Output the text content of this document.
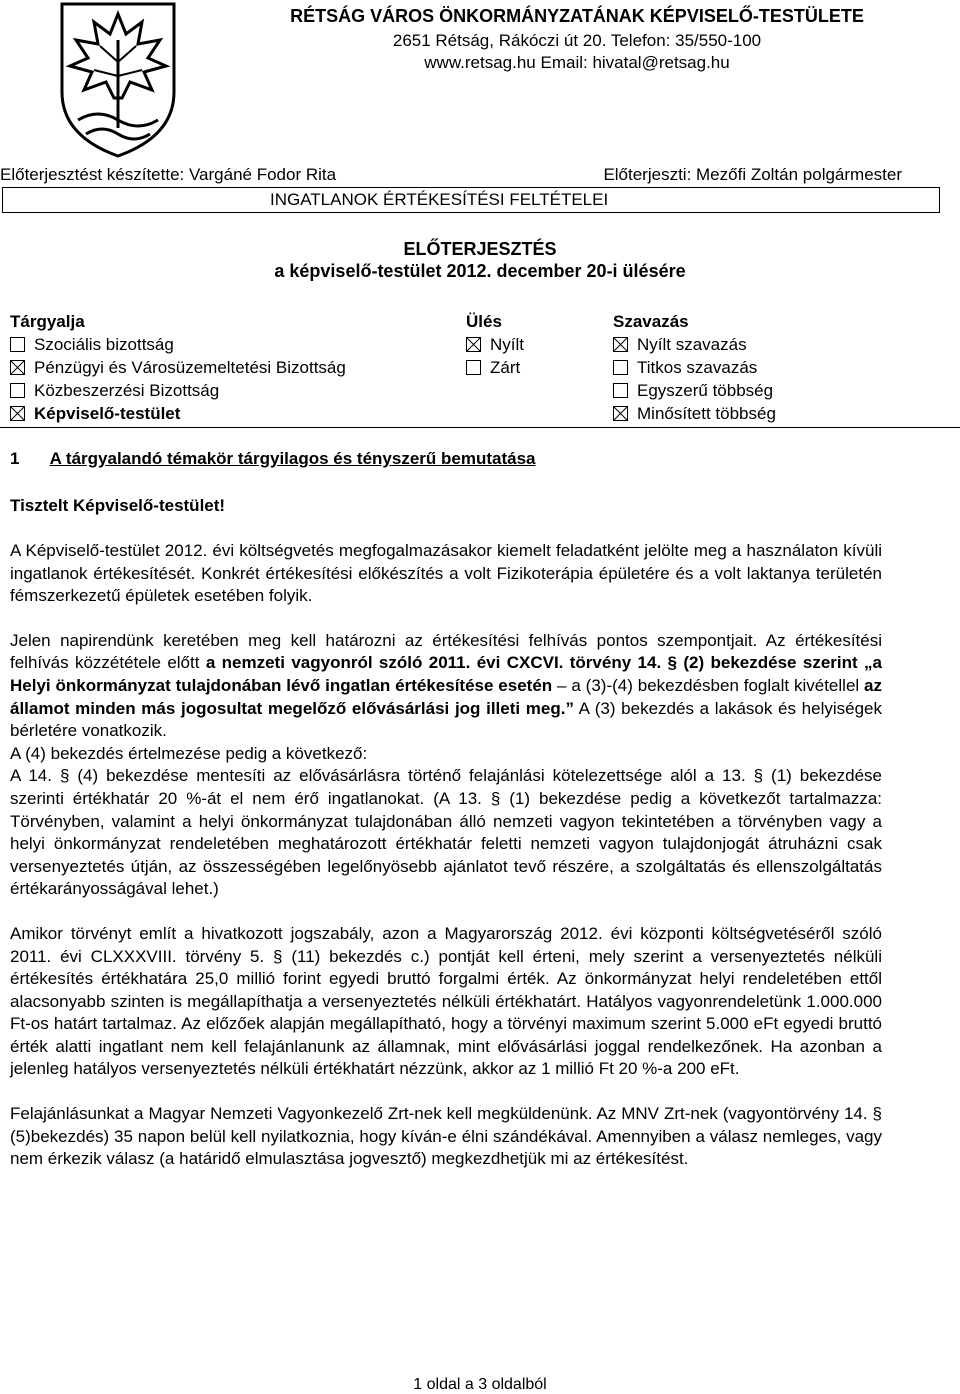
RÉTSÁG VÁROS ÖNKORMÁNYZATÁNAK KÉPVISELŐ-TESTÜLETE
2651 Rétság, Rákóczi út 20. Telefon: 35/550-100
www.retsag.hu Email: hivatal@retsag.hu
Előterjesztést készítette: Vargáné Fodor Rita	Előterjeszti: Mezőfi Zoltán polgármester
INGATLANOK ÉRTÉKESÍTÉSI FELTÉTELEI
ELŐTERJESZTÉS
a képviselő-testület 2012. december 20-i ülésére
Tárgyalja
Szociális bizottság
Pénzügyi és Városüzemeltetési Bizottság
Közbeszerzési Bizottság
Képviselő-testület
Ülés
Nyílt
Zárt
Szavazás
Nyílt szavazás
Titkos szavazás
Egyszerű többség
Minősített többség
1 A tárgyalandó témakör tárgyilagos és tényszerű bemutatása
Tisztelt Képviselő-testület!

A Képviselő-testület 2012. évi költségvetés megfogalmazásakor kiemelt feladatként jelölte meg a használaton kívüli ingatlanok értékesítését. Konkrét értékesítési előkészítés a volt Fizikoterápia épületére és a volt laktanya területén fémszerkezetű épületek esetében folyik.

Jelen napirendünk keretében meg kell határozni az értékesítési felhívás pontos szempontjait. Az értékesítési felhívás közzététele előtt a nemzeti vagyonról szóló 2011. évi CXCVI. törvény 14. § (2) bekezdése szerint „a Helyi önkormányzat tulajdonában lévő ingatlan értékesítése esetén – a (3)-(4) bekezdésben foglalt kivétellel az államot minden más jogosultat megelőző elővásárlási jog illeti meg.” A (3) bekezdés a lakások és helyiségek bérletére vonatkozik.

A (4) bekezdés értelmezése pedig a következő:

A 14. § (4) bekezdése mentesíti az elővásárlásra történő felajánlási kötelezettsége alól a 13. § (1) bekezdése szerinti értékhatár 20 %-át el nem érő ingatlanokat. (A 13. § (1) bekezdése pedig a következőt tartalmazza: Törvényben, valamint a helyi önkormányzat tulajdonában álló nemzeti vagyon tekintetében a törvényben vagy a helyi önkormányzat rendeletében meghatározott értékhatár feletti nemzeti vagyon tulajdonjogát átruházni csak versenyeztetés útján, az összességében legelőnyösebb ajánlatot tevő részére, a szolgáltatás és ellenszolgáltatás értékarányosságával lehet.)

Amikor törvényt említ a hivatkozott jogszabály, azon a Magyarország 2012. évi központi költségvetéséről szóló 2011. évi CLXXXVIII. törvény 5. § (11) bekezdés c.) pontját kell érteni, mely szerint a versenyeztetés nélküli értékesítés értékhatára 25,0 millió forint egyedi bruttó forgalmi érték. Az önkormányzat helyi rendeletében ettől alacsonyabb szinten is megállapíthatja a versenyeztetés nélküli értékhatárt. Hatályos vagyonrendeletünk 1.000.000 Ft-os határt tartalmaz. Az előzőek alapján megállapítható, hogy a törvényi maximum szerint 5.000 eFt egyedi bruttó érték alatti ingatlant nem kell felajánlanunk az államnak, mint elővásárlási joggal rendelkezőnek. Ha azonban a jelenleg hatályos versenyeztetés nélküli értékhatárt nézzünk, akkor az 1 millió Ft 20 %-a 200 eFt.

Felajánlásunkat a Magyar Nemzeti Vagyonkezelő Zrt-nek kell megküldenünk. Az MNV Zrt-nek (vagyontörvény 14. § (5)bekezdés) 35 napon belül kell nyilatkoznia, hogy kíván-e élni szándékával. Amennyiben a válasz nemleges, vagy nem érkezik válasz (a határidő elmulasztása jogvesztő) megkezdhetjük mi az értékesítést.

1 oldal a 3 oldalból
